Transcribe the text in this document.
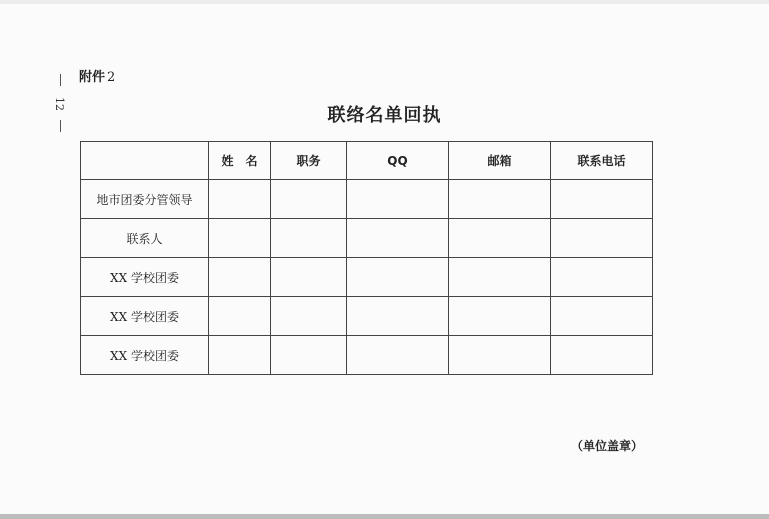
12
附件 2
联络名单回执
	姓　名	职务	QQ	邮箱	联系电话
地市团委分管领导					
联系人					
XX 学校团委					
XX 学校团委					
XX 学校团委					
（单位盖章）
